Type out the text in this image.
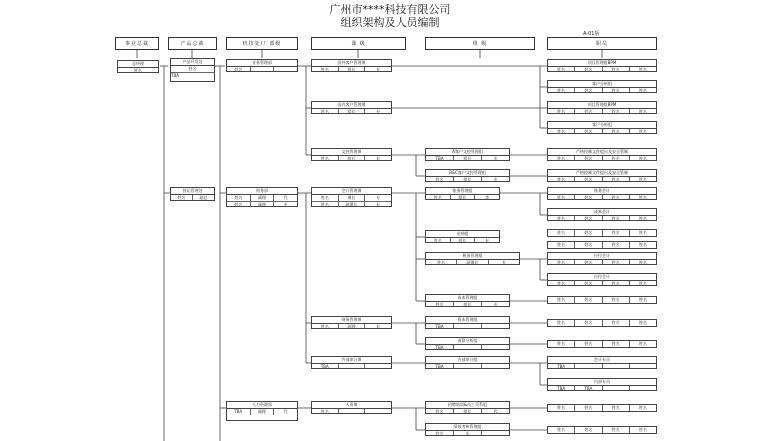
广州市****科技有限公司
组织架构及人员编制
A-01版
事业总裁	产品总裁	机技处/厂部级	课 级	组 级	职员
总经理
姓名
产品开发处
姓名
TBA
营运管理处
姓名	副总
业务管理部
姓名
财务部
姓名	副理	代
姓名	副理	专
人力资源部
TBA	副理	代
国外客户管理课
姓名	组长	专
国内客户管理课
姓名	组长	专
文控管理课
姓名	组长	专
会计管理课
姓名	课长	专
姓名	副课长	专
财务管理课
姓名	副理	专
内部审计课
TBA
人资课
姓名
A客户文控管理组
TBA	组长	专
B&C客户文控管理组
姓名	组长	专
账务管理组
姓名	组长	类
出纳组
姓名	组长	专
税务管理组
姓名	副课长	专
成本管理组
姓名	组长	专
资本管理组
TBA
预算分析组
TBA
内部审计组
TBA
招聘培训&员工关系组
姓名	组长	代
绩效考核管理组
姓名	专
项目管理组BPM
姓名	姓名	姓名	姓名
客户分析组
姓名	姓名	姓名	姓名
项目管理组BPM
姓名	姓名	姓名	姓名
客户分析组
姓名	姓名	姓名	姓名
严格控制文件提出及安全管制
姓名	姓名	姓名	姓名
严格控制文件提出及安全管制
姓名	姓名	姓名	姓名
账务会计
姓名	姓名	姓名	姓名
成本会计
姓名	姓名	姓名	姓名
应付会计
姓名	姓名	姓名	姓名
应付会计
姓名	姓名	姓名	姓名
姓名	姓名	姓名	姓名
姓名	姓名	姓名	姓名
姓名	姓名	姓名	姓名
会计专员
TBA
内部专员
TBA	TBA
姓名	姓名	姓名	姓名
姓名	姓名	姓名	姓名
姓名	姓名	姓名	姓名
姓名	姓名	姓名	姓名
